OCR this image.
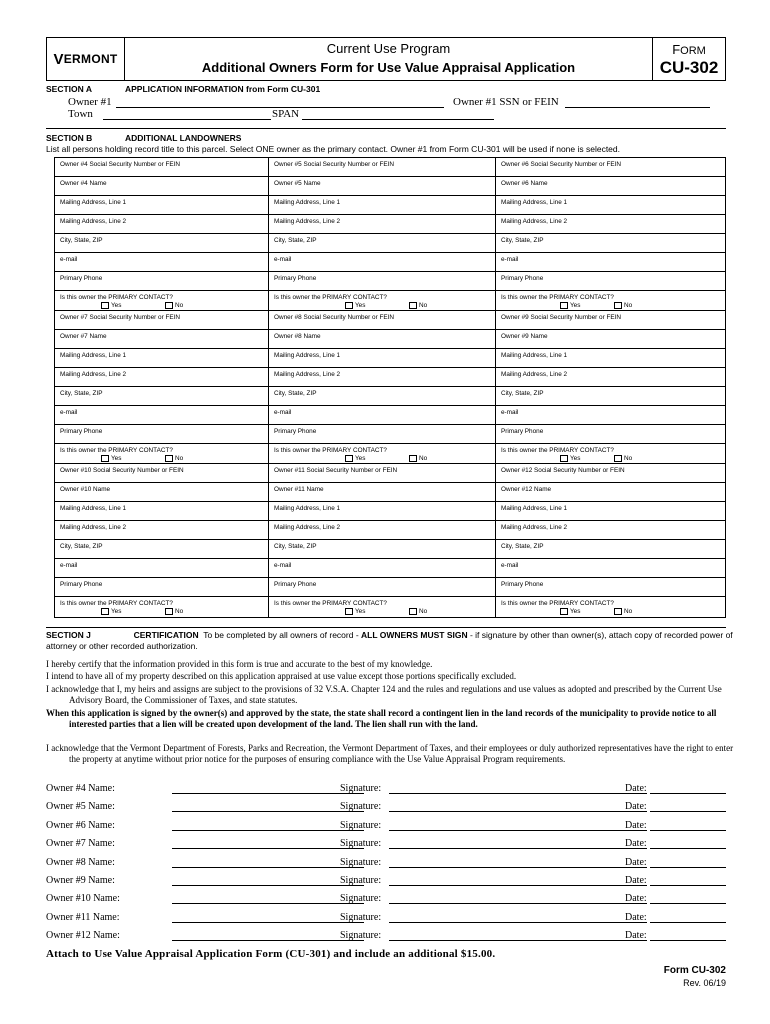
V ERMONT
Current Use Program
Additional Owners Form for Use Value Appraisal Application
FORM
CU-302
SECTION A	APPLICATION INFORMATION from Form CU-301
Owner #1	Owner #1 SSN or FEIN
Town	SPAN
SECTION B	ADDITIONAL LANDOWNERS
List all persons holding record title to this parcel. Select ONE owner as the primary contact. Owner #1 from Form CU-301 will be used if none is selected.
Owner #4 Social Security Number or FEIN	Owner #5 Social Security Number or FEIN	Owner #6 Social Security Number or FEIN
Owner #4 Name	Owner #5 Name	Owner #6 Name
Mailing Address, Line 1	Mailing Address, Line 1	Mailing Address, Line 1
Mailing Address, Line 2	Mailing Address, Line 2	Mailing Address, Line 2
City, State, ZIP	City, State, ZIP	City, State, ZIP
e-mail	e-mail	e-mail
Primary Phone	Primary Phone	Primary Phone
Is this owner the PRIMARY CONTACT?
Yes	No
Is this owner the PRIMARY CONTACT?
Yes	No
Is this owner the PRIMARY CONTACT?
Yes	No
Owner #7 Social Security Number or FEIN	Owner #8 Social Security Number or FEIN	Owner #9 Social Security Number or FEIN
Owner #7 Name	Owner #8 Name	Owner #9 Name
Mailing Address, Line 1	Mailing Address, Line 1	Mailing Address, Line 1
Mailing Address, Line 2	Mailing Address, Line 2	Mailing Address, Line 2
City, State, ZIP	City, State, ZIP	City, State, ZIP
e-mail	e-mail	e-mail
Primary Phone	Primary Phone	Primary Phone
Is this owner the PRIMARY CONTACT?
Yes	No
Is this owner the PRIMARY CONTACT?
Yes	No
Is this owner the PRIMARY CONTACT?
Yes	No
Owner #10 Social Security Number or FEIN	Owner #11 Social Security Number or FEIN	Owner #12 Social Security Number or FEIN
Owner #10 Name	Owner #11 Name	Owner #12 Name
Mailing Address, Line 1	Mailing Address, Line 1	Mailing Address, Line 1
Mailing Address, Line 2	Mailing Address, Line 2	Mailing Address, Line 2
City, State, ZIP	City, State, ZIP	City, State, ZIP
e-mail	e-mail	e-mail
Primary Phone	Primary Phone	Primary Phone
Is this owner the PRIMARY CONTACT?
Yes	No
Is this owner the PRIMARY CONTACT?
Yes	No
Is this owner the PRIMARY CONTACT?
Yes	No
SECTION J	CERTIFICATION To be completed by all owners of record - ALL OWNERS MUST SIGN - if signature by other than owner(s), attach copy of recorded power of attorney or other recorded authorization.
I hereby certify that the information provided in this form is true and accurate to the best of my knowledge.
I intend to have all of my property described on this application appraised at use value except those portions specifically excluded.
I acknowledge that I, my heirs and assigns are subject to the provisions of 32 V.S.A. Chapter 124 and the rules and regulations and use values as adopted and prescribed by the Current Use Advisory Board, the Commissioner of Taxes, and state statutes.
When this application is signed by the owner(s) and approved by the state, the state shall record a contingent lien in the land records of the municipality to provide notice to all interested parties that a lien will be created upon development of the land. The lien shall run with the land.
I acknowledge that the Vermont Department of Forests, Parks and Recreation, the Vermont Department of Taxes, and their employees or duly authorized representatives have the right to enter the property at anytime without prior notice for the purposes of ensuring compliance with the Use Value Appraisal Program requirements.
Owner #4 Name:	Signature:	Date:
Owner #5 Name:	Signature:	Date:
Owner #6 Name:	Signature:	Date:
Owner #7 Name:	Signature:	Date:
Owner #8 Name:	Signature:	Date:
Owner #9 Name:	Signature:	Date:
Owner #10 Name:	Signature:	Date:
Owner #11 Name:	Signature:	Date:
Owner #12 Name:	Signature:	Date:
Attach to Use Value Appraisal Application Form (CU-301) and include an additional $15.00.
Form CU-302
Rev. 06/19
